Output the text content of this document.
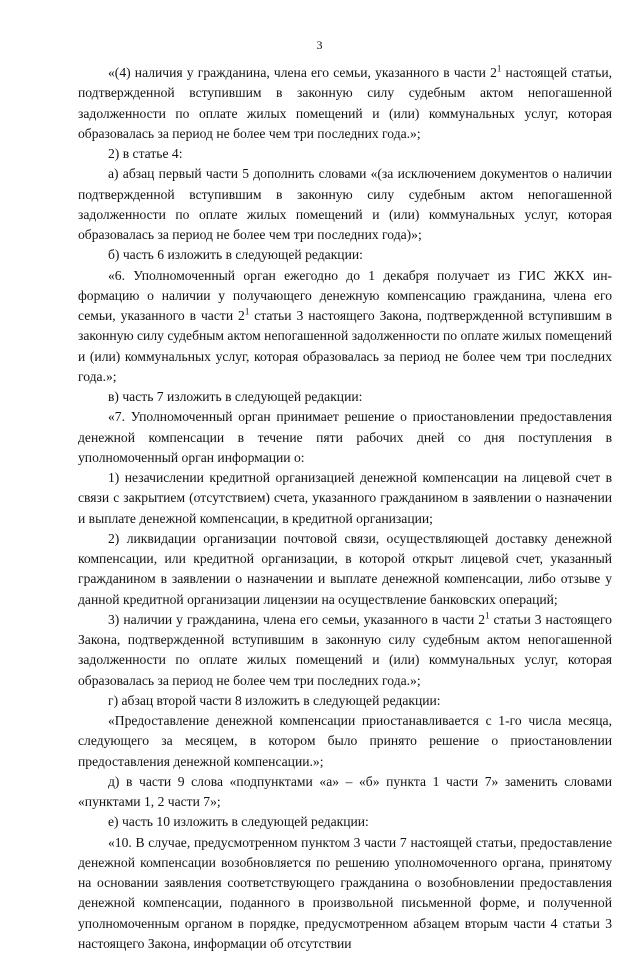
3

«(4) наличия у гражданина, члена его семьи, указанного в части $2^1$ настоящей статьи, подтвержденной вступившим в законную силу судебным актом непогашенной задолженности по оплате жилых помещений и (или) коммунальных услуг, которая образовалась за период не более чем три последних года.»;

2) в статье 4:

а) абзац первый части 5 дополнить словами «(за исключением документов о наличии подтвержденной вступившим в законную силу судебным актом непогашенной задолженности по оплате жилых помещений и (или) коммунальных услуг, которая образовалась за период не более чем три последних года)»;

б) часть 6 изложить в следующей редакции:

«6. Уполномоченный орган ежегодно до 1 декабря получает из ГИС ЖКХ информацию о наличии у получающего денежную компенсацию гражданина, члена его семьи, указанного в части $2^1$ статьи 3 настоящего Закона, подтвержденной вступившим в законную силу судебным актом непогашенной задолженности по оплате жилых помещений и (или) коммунальных услуг, которая образовалась за период не более чем три последних года.»;

в) часть 7 изложить в следующей редакции:

«7. Уполномоченный орган принимает решение о приостановлении предоставления денежной компенсации в течение пяти рабочих дней со дня поступления в уполномоченный орган информации о:

1) незачислении кредитной организацией денежной компенсации на лицевой счет в связи с закрытием (отсутствием) счета, указанного гражданином в заявлении о назначении и выплате денежной компенсации, в кредитной организации;

2) ликвидации организации почтовой связи, осуществляющей доставку денежной компенсации, или кредитной организации, в которой открыт лицевой счет, указанный гражданином в заявлении о назначении и выплате денежной компенсации, либо отзыве у данной кредитной организации лицензии на осуществление банковских операций;

3) наличии у гражданина, члена его семьи, указанного в части $2^1$ статьи 3 настоящего Закона, подтвержденной вступившим в законную силу судебным актом непогашенной задолженности по оплате жилых помещений и (или) коммунальных услуг, которая образовалась за период не более чем три последних года.»;

г) абзац второй части 8 изложить в следующей редакции:

«Предоставление денежной компенсации приостанавливается с 1-го числа месяца, следующего за месяцем, в котором было принято решение о приостановлении предоставления денежной компенсации.»;

д) в части 9 слова «подпунктами «а» – «б» пункта 1 части 7» заменить словами «пунктами 1, 2 части 7»;

е) часть 10 изложить в следующей редакции:

«10. В случае, предусмотренном пунктом 3 части 7 настоящей статьи, предоставление денежной компенсации возобновляется по решению уполномоченного органа, принятому на основании заявления соответствующего гражданина о возобновлении предоставления денежной компенсации, поданного в произвольной письменной форме, и полученной уполномоченным органом в порядке, предусмотренном абзацем вторым части 4 статьи 3 настоящего Закона, информации об отсутствии
